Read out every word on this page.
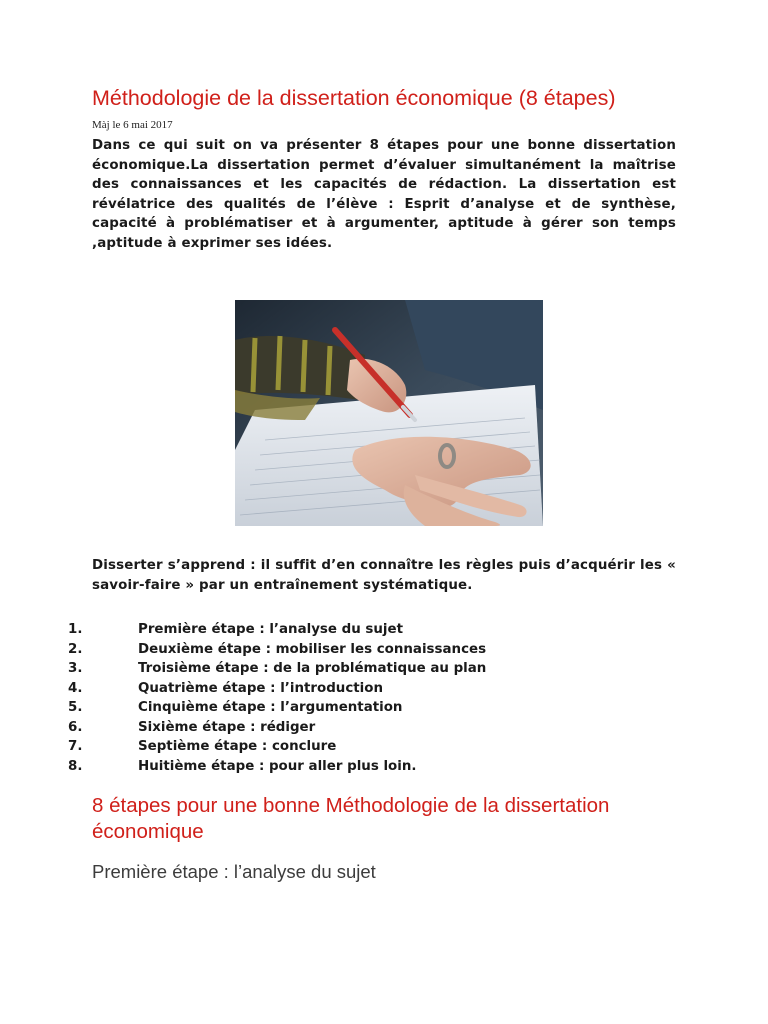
Méthodologie de la dissertation économique (8 étapes)
Màj le 6 mai 2017

Dans ce qui suit on va présenter 8 étapes pour une bonne dissertation économique.La dissertation permet d’évaluer simultanément la maîtrise des connaissances et les capacités de rédaction. La dissertation est révélatrice des qualités de l’élève : Esprit d’analyse et de synthèse, capacité à problématiser et à argumenter, aptitude à gérer son temps ,aptitude à exprimer ses idées.

Disserter s’apprend : il suffit d’en connaître les règles puis d’acquérir les « savoir-faire » par un entraînement systématique.

1.	Première étape : l’analyse du sujet
2.	Deuxième étape : mobiliser les connaissances
3.	Troisième étape : de la problématique au plan
4.	Quatrième étape : l’introduction
5.	Cinquième étape : l’argumentation
6.	Sixième étape : rédiger
7.	Septième étape : conclure
8.	Huitième étape : pour aller plus loin.
8 étapes pour une bonne Méthodologie de la dissertation économique
Première étape : l’analyse du sujet
